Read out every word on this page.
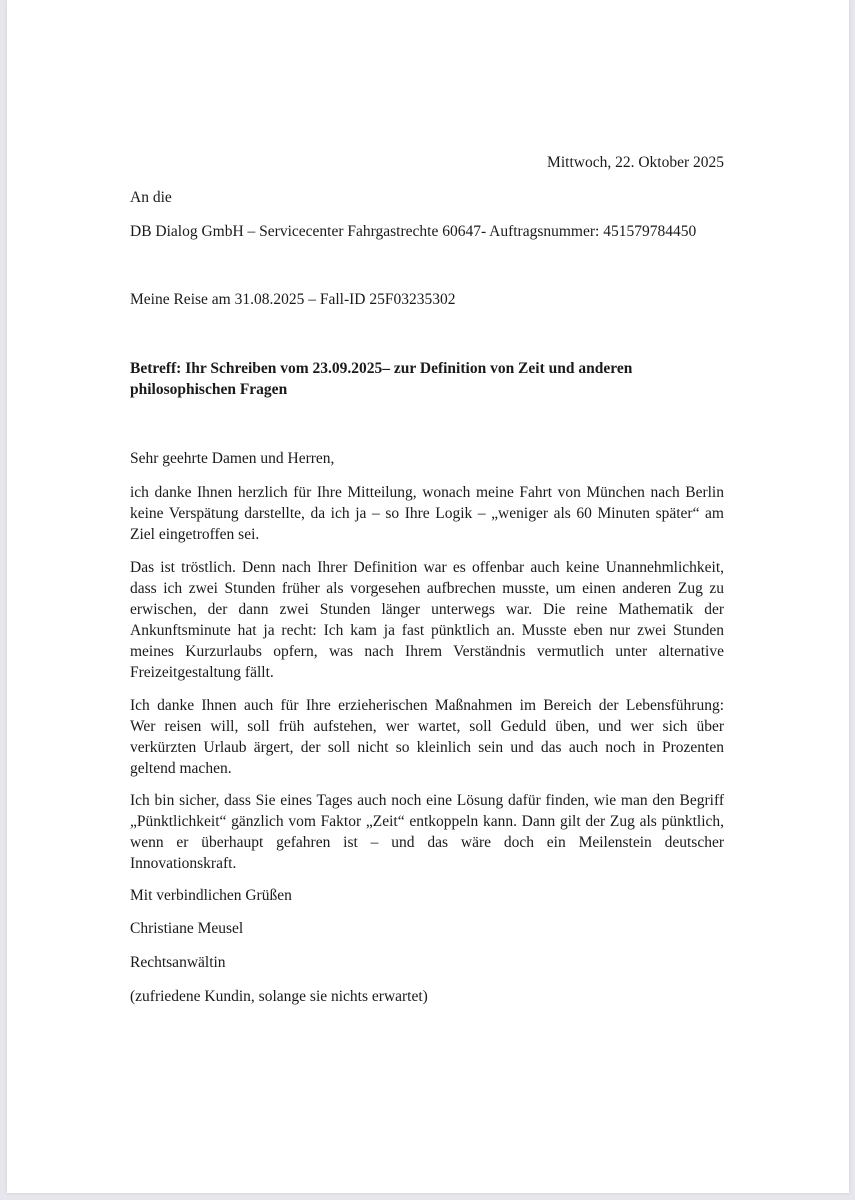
Mittwoch, 22. Oktober 2025
An die
DB Dialog GmbH – Servicecenter Fahrgastrechte 60647- Auftragsnummer: 451579784450
Meine Reise am 31.08.2025 – Fall-ID 25F03235302
Betreff: Ihr Schreiben vom 23.09.2025– zur Definition von Zeit und anderen
philosophischen Fragen
Sehr geehrte Damen und Herren,
ich danke Ihnen herzlich für Ihre Mitteilung, wonach meine Fahrt von München nach Berlin
keine Verspätung darstellte, da ich ja – so Ihre Logik – „weniger als 60 Minuten später“ am
Ziel eingetroffen sei.
Das ist tröstlich. Denn nach Ihrer Definition war es offenbar auch keine Unannehmlichkeit,
dass ich zwei Stunden früher als vorgesehen aufbrechen musste, um einen anderen Zug zu
erwischen, der dann zwei Stunden länger unterwegs war. Die reine Mathematik der
Ankunftsminute hat ja recht: Ich kam ja fast pünktlich an. Musste eben nur zwei Stunden
meines Kurzurlaubs opfern, was nach Ihrem Verständnis vermutlich unter alternative
Freizeitgestaltung fällt.
Ich danke Ihnen auch für Ihre erzieherischen Maßnahmen im Bereich der Lebensführung:
Wer reisen will, soll früh aufstehen, wer wartet, soll Geduld üben, und wer sich über
verkürzten Urlaub ärgert, der soll nicht so kleinlich sein und das auch noch in Prozenten
geltend machen.
Ich bin sicher, dass Sie eines Tages auch noch eine Lösung dafür finden, wie man den Begriff
„Pünktlichkeit“ gänzlich vom Faktor „Zeit“ entkoppeln kann. Dann gilt der Zug als pünktlich,
wenn er überhaupt gefahren ist – und das wäre doch ein Meilenstein deutscher
Innovationskraft.
Mit verbindlichen Grüßen
Christiane Meusel
Rechtsanwältin
(zufriedene Kundin, solange sie nichts erwartet)
